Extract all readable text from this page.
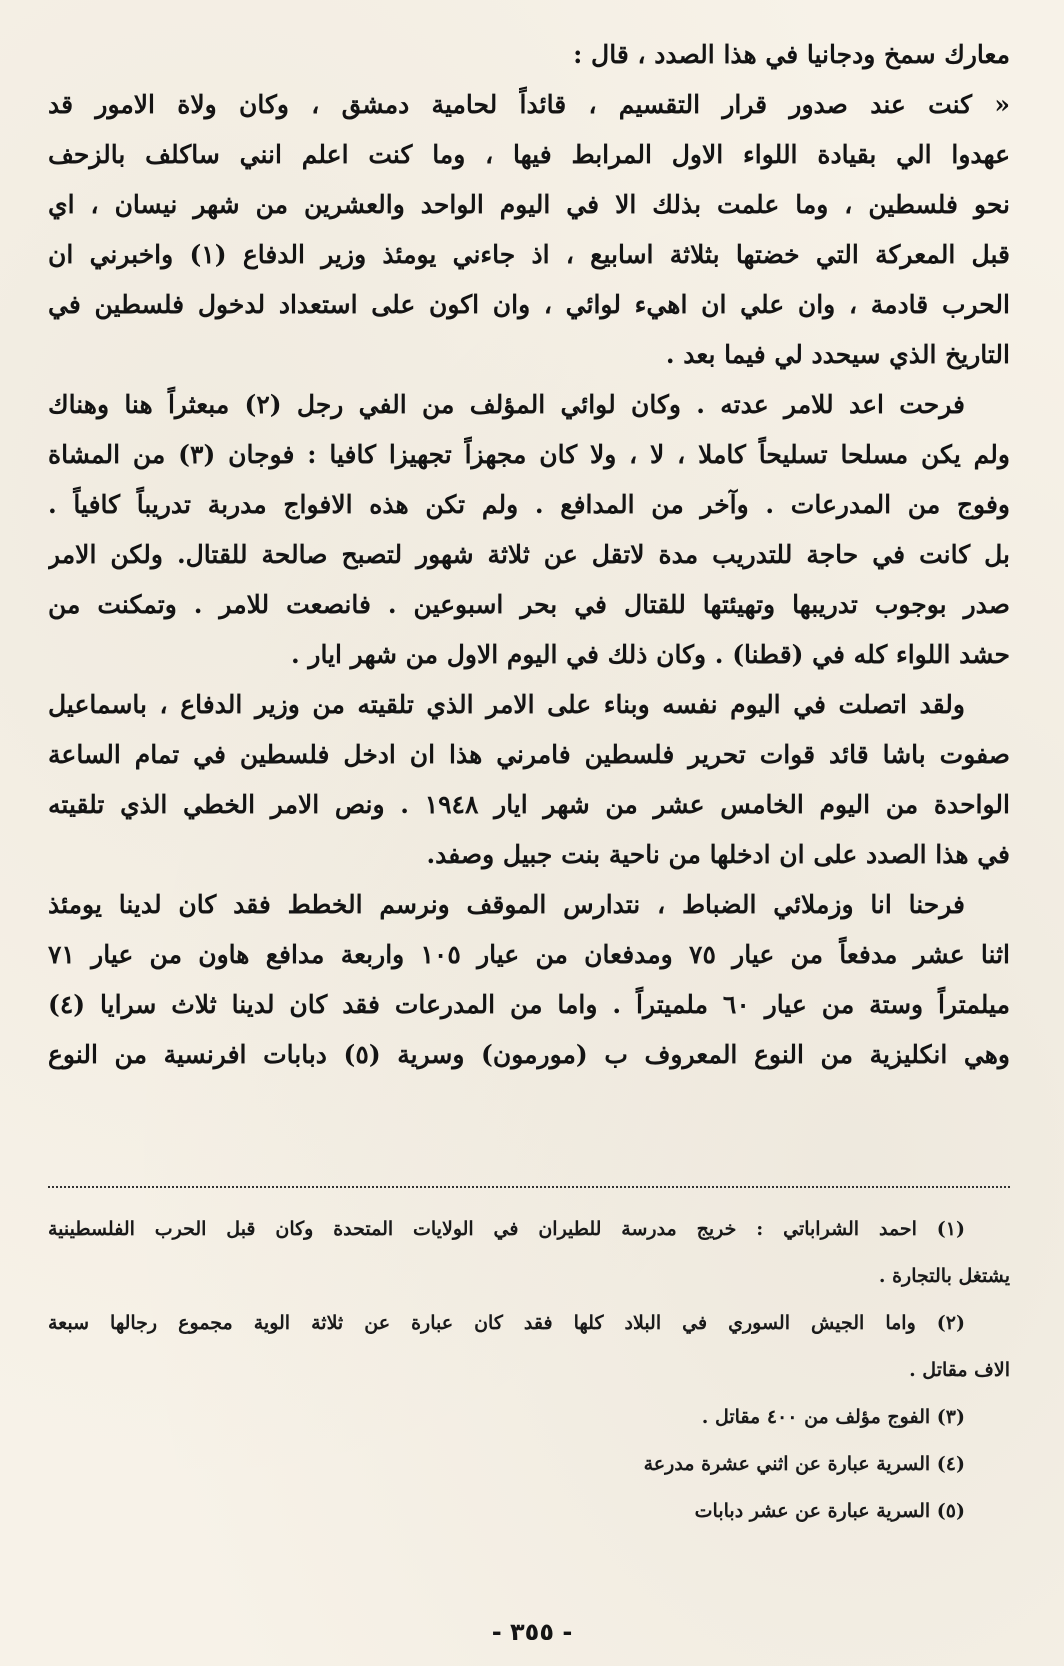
معارك سمخ ودجانيا في هذا الصدد ، قال :
« كنت عند صدور قرار التقسيم ، قائداً لحامية دمشق ، وكان ولاة الامور قد
عهدوا الي بقيادة اللواء الاول المرابط فيها ، وما كنت اعلم انني ساكلف بالزحف
نحو فلسطين ، وما علمت بذلك الا في اليوم الواحد والعشرين من شهر نيسان ، اي
قبل المعركة التي خضتها بثلاثة اسابيع ، اذ جاءني يومئذ وزير الدفاع (١) واخبرني ان
الحرب قادمة ، وان علي ان اهيء لوائي ، وان اكون على استعداد لدخول فلسطين في
التاريخ الذي سيحدد لي فيما بعد .
فرحت اعد للامر عدته . وكان لوائي المؤلف من الفي رجل (٢) مبعثراً هنا وهناك
ولم يكن مسلحا تسليحاً كاملا ، لا ، ولا كان مجهزاً تجهيزا كافيا : فوجان (٣) من المشاة
وفوج من المدرعات . وآخر من المدافع . ولم تكن هذه الافواج مدربة تدريباً كافياً .
بل كانت في حاجة للتدريب مدة لاتقل عن ثلاثة شهور لتصبح صالحة للقتال. ولكن الامر
صدر بوجوب تدريبها وتهيئتها للقتال في بحر اسبوعين . فانصعت للامر . وتمكنت من
حشد اللواء كله في (قطنا) . وكان ذلك في اليوم الاول من شهر ايار .
ولقد اتصلت في اليوم نفسه وبناء على الامر الذي تلقيته من وزير الدفاع ، باسماعيل
صفوت باشا قائد قوات تحرير فلسطين فامرني هذا ان ادخل فلسطين في تمام الساعة
الواحدة من اليوم الخامس عشر من شهر ايار ١٩٤٨ . ونص الامر الخطي الذي تلقيته
في هذا الصدد على ان ادخلها من ناحية بنت جبيل وصفد.
فرحنا انا وزملائي الضباط ، نتدارس الموقف ونرسم الخطط فقد كان لدينا يومئذ
اثنا عشر مدفعاً من عيار ٧٥ ومدفعان من عيار ١٠٥ واربعة مدافع هاون من عيار ٧١
ميلمتراً وستة من عيار ٦٠ ملميتراً . واما من المدرعات فقد كان لدينا ثلاث سرايا (٤)
وهي انكليزية من النوع المعروف ب (مورمون) وسرية (٥) دبابات افرنسية من النوع
(١) احمد الشراباتي : خريج مدرسة للطيران في الولايات المتحدة وكان قبل الحرب الفلسطينية
يشتغل بالتجارة .
(٢) واما الجيش السوري في البلاد كلها فقد كان عبارة عن ثلاثة الوية مجموع رجالها سبعة
الاف مقاتل .
(٣) الفوج مؤلف من ٤٠٠ مقاتل .
(٤) السرية عبارة عن اثني عشرة مدرعة
(٥) السرية عبارة عن عشر دبابات
- ٣٥٥ -
